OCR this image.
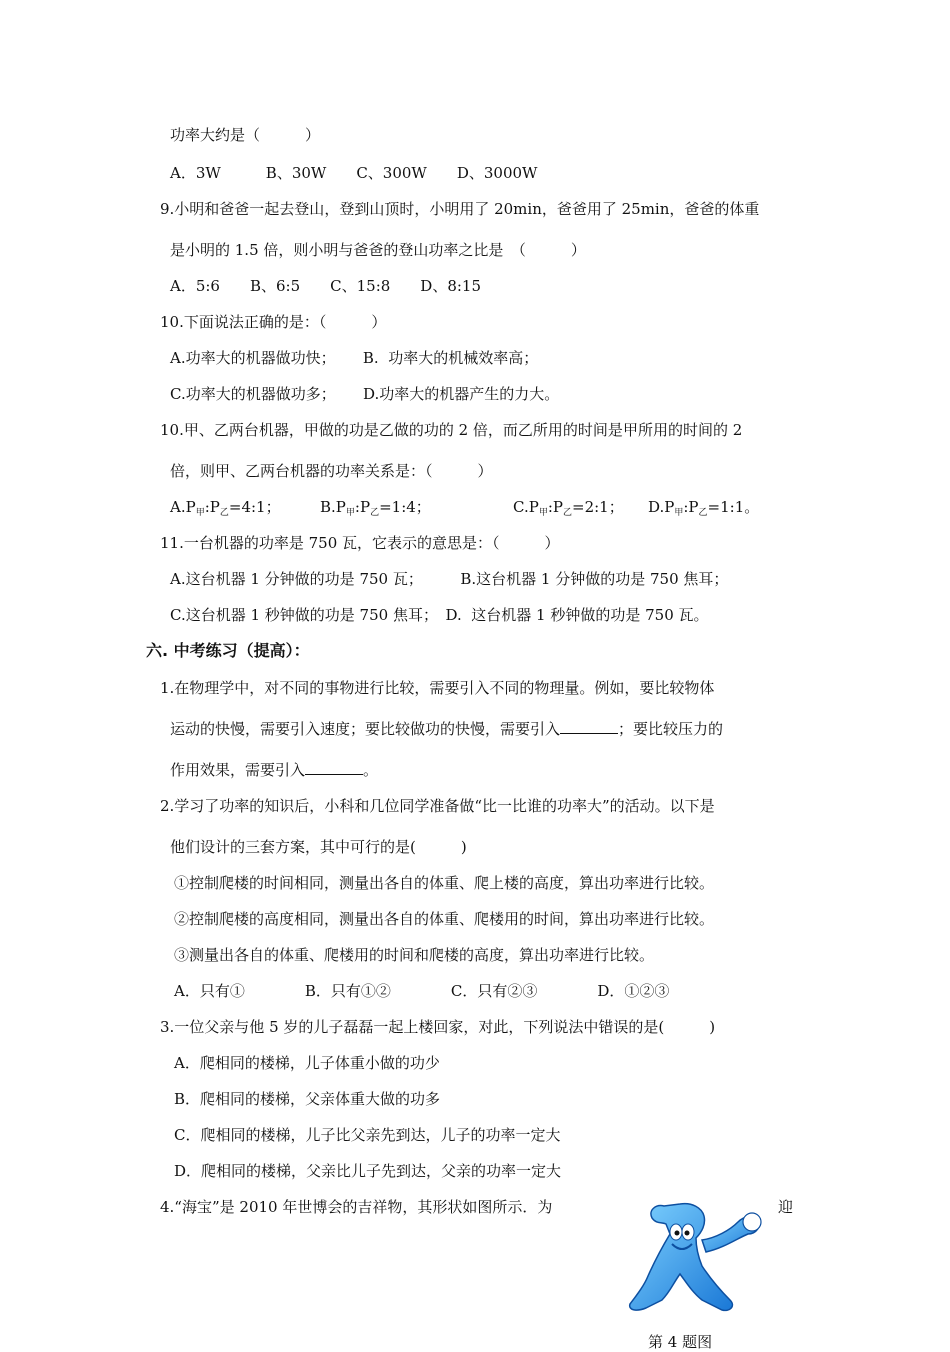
功率大约是（　　　）
A．3W　　　B、30W　　C、300W　　D、3000W
9.小明和爸爸一起去登山，登到山顶时，小明用了 20min，爸爸用了 25min，爸爸的体重
是小明的 1.5 倍，则小明与爸爸的登山功率之比是　（　　　）
A．5:6　　B、6:5　　C、15:8　　D、8:15
10.下面说法正确的是：（　　　）
A.功率大的机器做功快；　　 B.  功率大的机械效率高；
C.功率大的机器做功多；　　 D.功率大的机器产生的力大。
10.甲、乙两台机器，甲做的功是乙做的功的 2 倍，而乙所用的时间是甲所用的时间的 2
倍，则甲、乙两台机器的功率关系是：（　　　）
$A.P_甲:P_乙=4:1$；	$B.P_甲:P_乙=1:4$；	$C.P_甲:P_乙=2:1$； $D.P_甲:P_乙=1:1$。
11.一台机器的功率是 750 瓦，它表示的意思是：（　　　）
A.这台机器 1 分钟做的功是 750 瓦；　　　B.这台机器 1 分钟做的功是 750 焦耳；
C.这台机器 1 秒钟做的功是 750 焦耳；　D.  这台机器 1 秒钟做的功是 750 瓦。
六. 中考练习（提高）：
1.在物理学中，对不同的事物进行比较，需要引入不同的物理量。例如，要比较物体
运动的快慢，需要引入速度；要比较做功的快慢，需要引入	；要比较压力的
作用效果，需要引入	。
2.学习了功率的知识后，小科和几位同学准备做“比一比谁的功率大”的活动。以下是
他们设计的三套方案，其中可行的是(　　　)
①控制爬楼的时间相同，测量出各自的体重、爬上楼的高度，算出功率进行比较。
②控制爬楼的高度相同，测量出各自的体重、爬楼用的时间，算出功率进行比较。
③测量出各自的体重、爬楼用的时间和爬楼的高度，算出功率进行比较。
A．只有①　　　　B．只有①②　　　　C．只有②③　　　　D．①②③
3.一位父亲与他 5 岁的儿子磊磊一起上楼回家，对此，下列说法中错误的是(　　　)
A．爬相同的楼梯，儿子体重小做的功少
B．爬相同的楼梯，父亲体重大做的功多
C．爬相同的楼梯，儿子比父亲先到达，儿子的功率一定大
D．爬相同的楼梯，父亲比儿子先到达，父亲的功率一定大
4.“海宝”是 2010 年世博会的吉祥物，其形状如图所示．为	迎
第 4 题图
